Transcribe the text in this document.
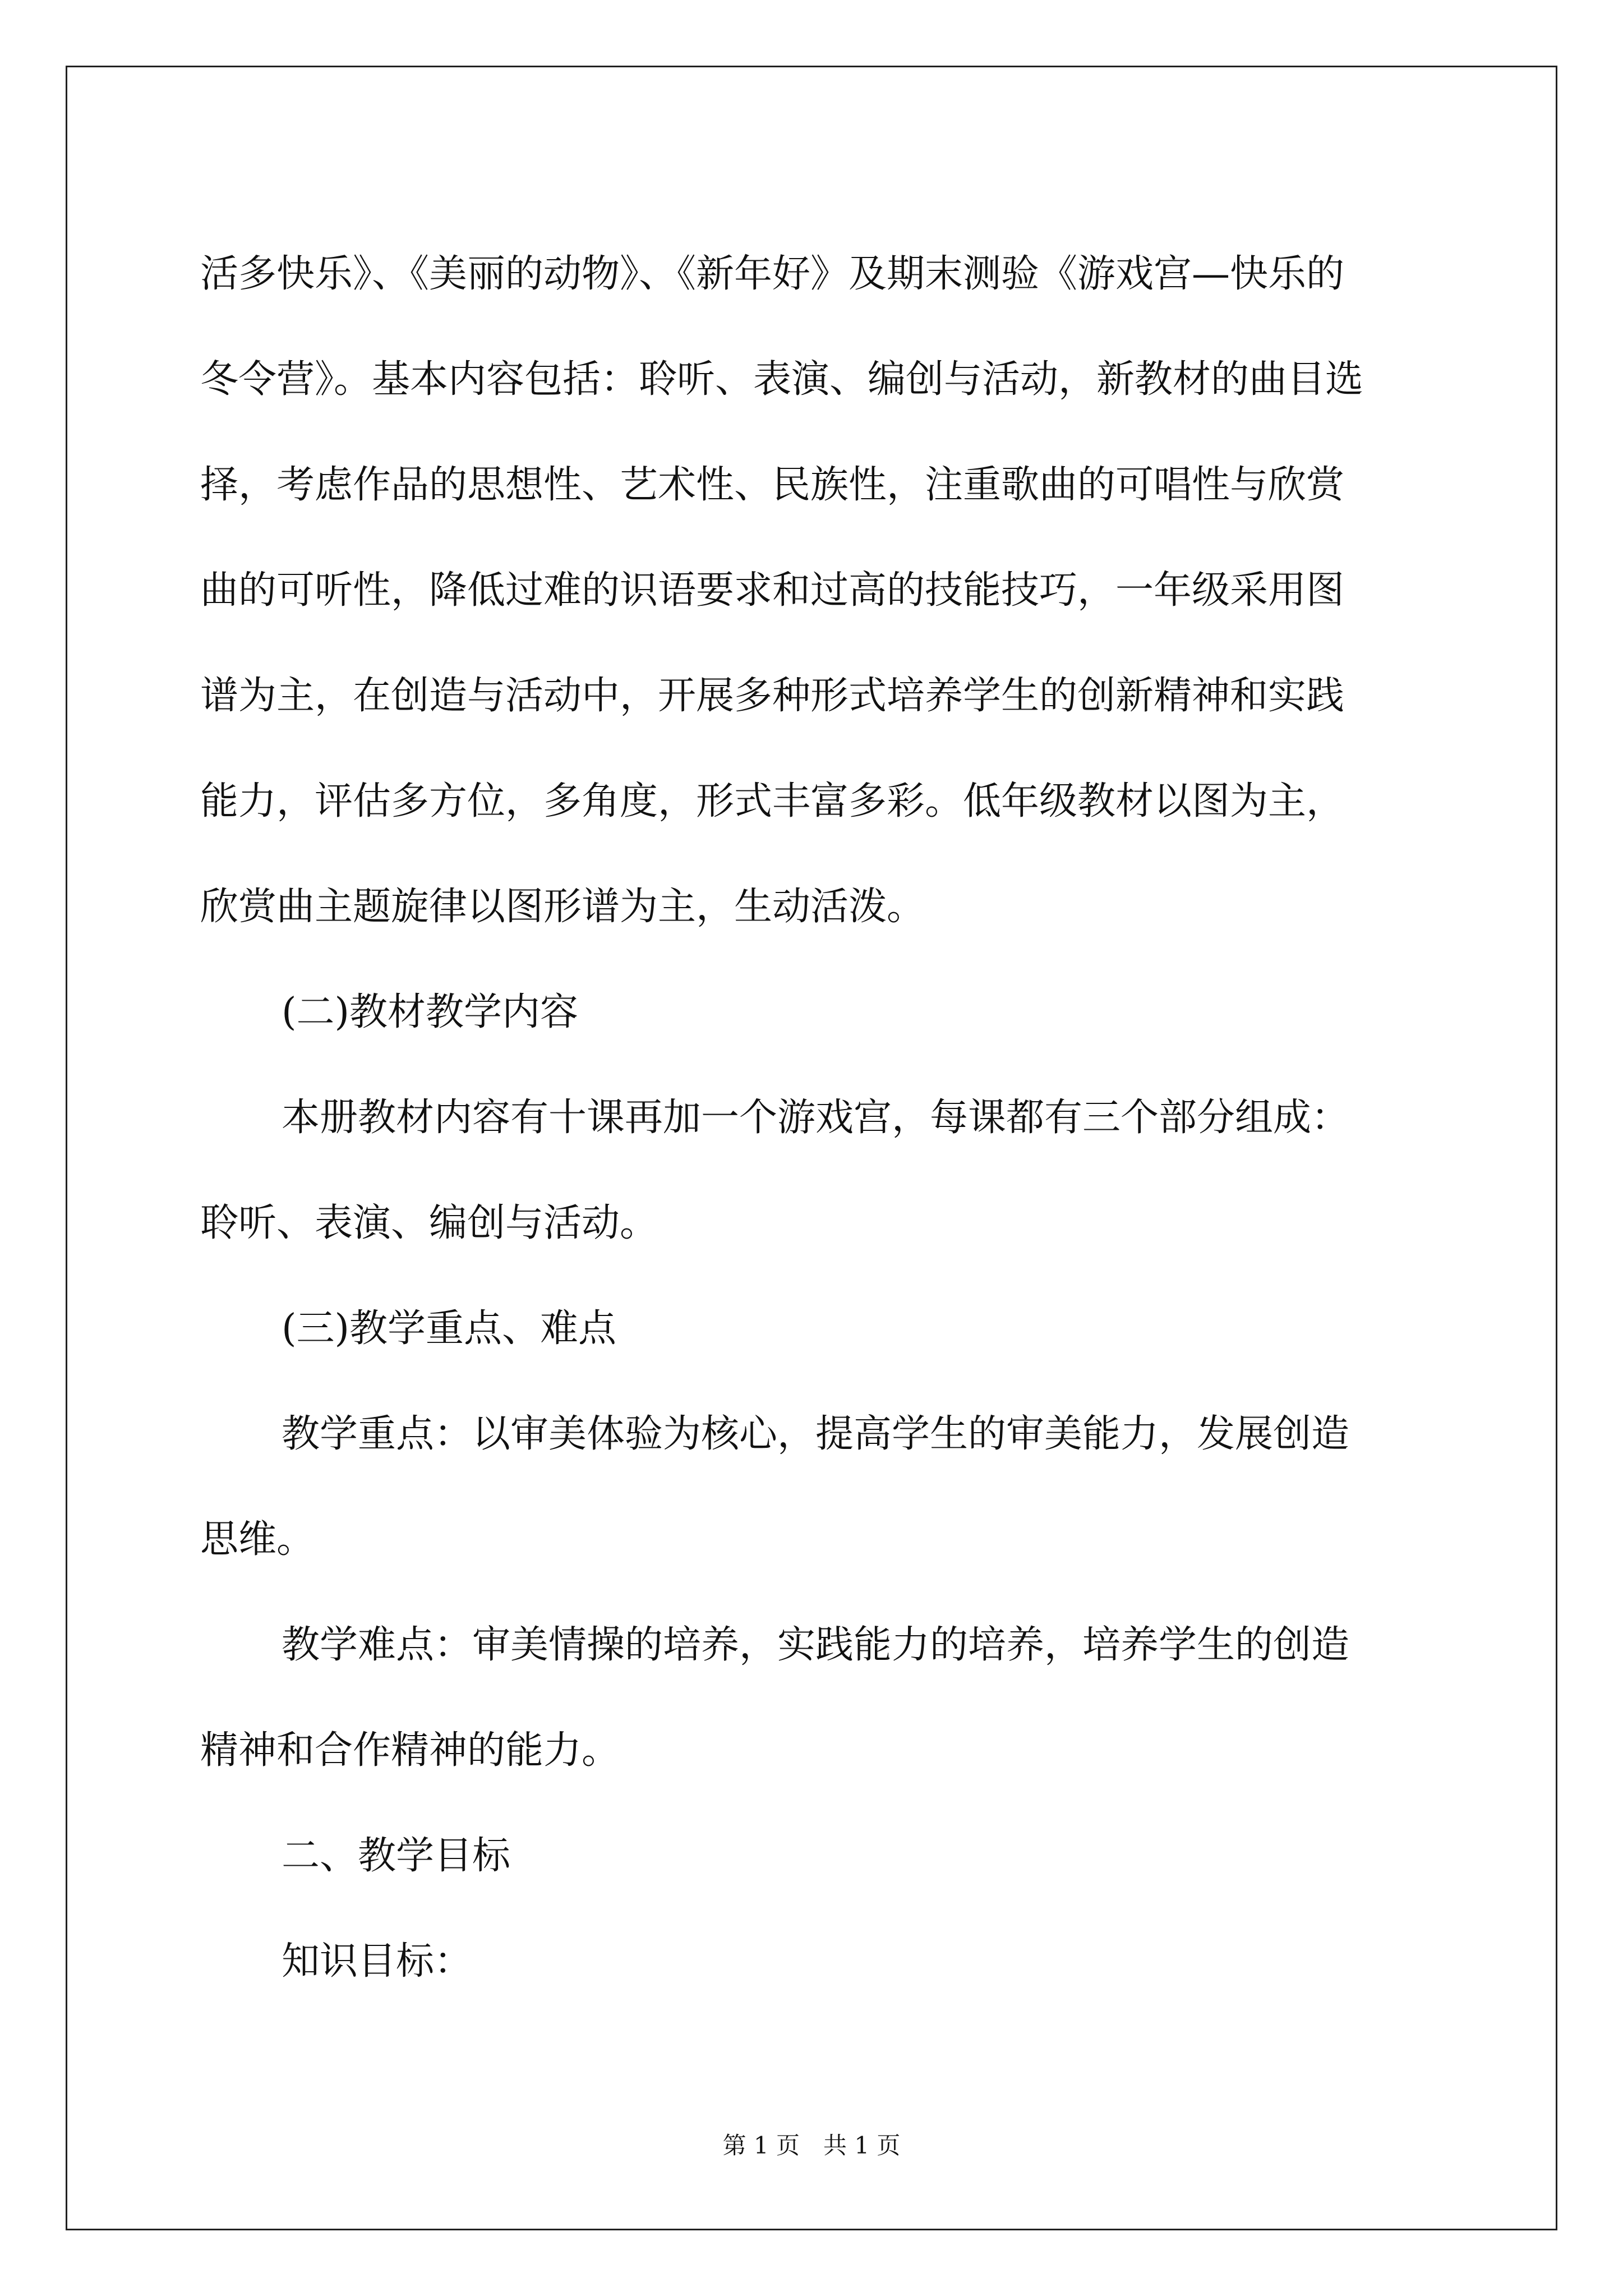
活多快乐》、《美丽的动物》、《新年好》及期末测验《游戏宫—快乐的
冬令营》。基本内容包括：聆听、表演、编创与活动，新教材的曲目选
择，考虑作品的思想性、艺术性、民族性，注重歌曲的可唱性与欣赏
曲的可听性，降低过难的识语要求和过高的技能技巧，一年级采用图
谱为主，在创造与活动中，开展多种形式培养学生的创新精神和实践
能力，评估多方位，多角度，形式丰富多彩。低年级教材以图为主，
欣赏曲主题旋律以图形谱为主，生动活泼。
(二)教材教学内容
本册教材内容有十课再加一个游戏宫，每课都有三个部分组成：
聆听、表演、编创与活动。
(三)教学重点、难点
教学重点：以审美体验为核心，提高学生的审美能力，发展创造
思维。
教学难点：审美情操的培养，实践能力的培养，培养学生的创造
精神和合作精神的能力。
二、教学目标
知识目标：
第 1 页　共 1 页
